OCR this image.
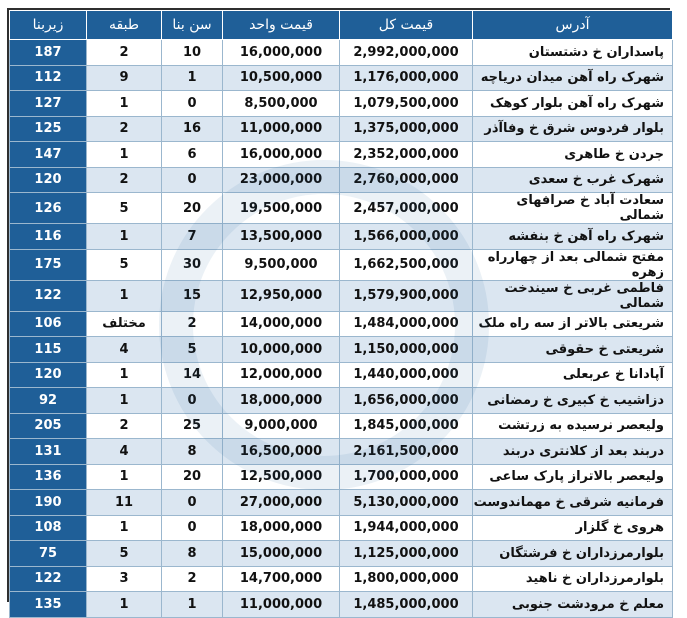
زیربنا	طبقه	سن بنا	قیمت واحد	قیمت کل	آدرس
187	2	10	16,000,000	2,992,000,000	پاسداران خ دشتستان
112	9	1	10,500,000	1,176,000,000	شهرک راه آهن میدان دریاچه
127	1	0	8,500,000	1,079,500,000	شهرک راه آهن بلوار کوهک
125	2	16	11,000,000	1,375,000,000	بلوار فردوس شرق خ وفاآذر
147	1	6	16,000,000	2,352,000,000	جردن خ طاهری
120	2	0	23,000,000	2,760,000,000	شهرک غرب خ سعدی
126	5	20	19,500,000	2,457,000,000	سعادت آباد خ صرافهای شمالی
116	1	7	13,500,000	1,566,000,000	شهرک راه آهن خ بنفشه
175	5	30	9,500,000	1,662,500,000	مفتح شمالی بعد از چهارراه زهره
122	1	15	12,950,000	1,579,900,000	فاطمی غربی خ سیندخت شمالی
106	مختلف	2	14,000,000	1,484,000,000	شریعتی بالاتر از سه راه ملک
115	4	5	10,000,000	1,150,000,000	شریعتی خ حقوقی
120	1	14	12,000,000	1,440,000,000	آپادانا خ عربعلی
92	1	0	18,000,000	1,656,000,000	دزاشیب خ کبیری خ رمضانی
205	2	25	9,000,000	1,845,000,000	ولیعصر نرسیده به زرتشت
131	4	8	16,500,000	2,161,500,000	دربند بعد از کلانتری دربند
136	1	20	12,500,000	1,700,000,000	ولیعصر بالاتراز پارک ساعی
190	11	0	27,000,000	5,130,000,000	فرمانیه شرقی خ مهماندوست
108	1	0	18,000,000	1,944,000,000	هروی خ گلزار
75	5	8	15,000,000	1,125,000,000	بلوارمرزداران خ فرشتگان
122	3	2	14,700,000	1,800,000,000	بلوارمرزداران خ ناهید
135	1	1	11,000,000	1,485,000,000	معلم خ مرودشت جنوبی
